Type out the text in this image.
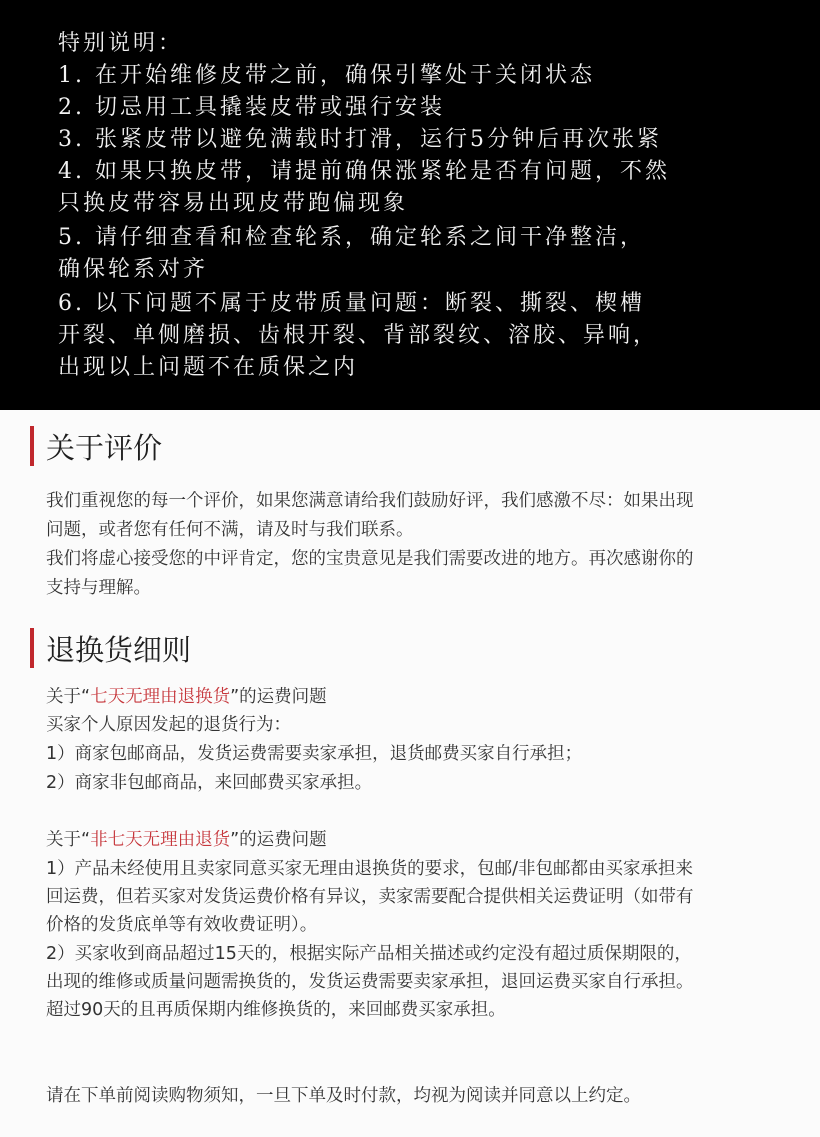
特别说明：
1. 在开始维修皮带之前，确保引擎处于关闭状态
2. 切忌用工具撬装皮带或强行安装
3. 张紧皮带以避免满载时打滑，运行5分钟后再次张紧
4. 如果只换皮带，请提前确保涨紧轮是否有问题，不然
只换皮带容易出现皮带跑偏现象
5. 请仔细查看和检查轮系，确定轮系之间干净整洁，
确保轮系对齐
6. 以下问题不属于皮带质量问题：断裂、撕裂、楔槽
开裂、单侧磨损、齿根开裂、背部裂纹、溶胶、异响，
出现以上问题不在质保之内
关于评价
我们重视您的每一个评价，如果您满意请给我们鼓励好评，我们感激不尽：如果出现
问题，或者您有任何不满，请及时与我们联系。
我们将虚心接受您的中评肯定，您的宝贵意见是我们需要改进的地方。再次感谢你的
支持与理解。
退换货细则
关于“七天无理由退换货”的运费问题
买家个人原因发起的退货行为：
1）商家包邮商品，发货运费需要卖家承担，退货邮费买家自行承担；
2）商家非包邮商品，来回邮费买家承担。
关于“非七天无理由退货”的运费问题
1）产品未经使用且卖家同意买家无理由退换货的要求，包邮/非包邮都由买家承担来
回运费，但若买家对发货运费价格有异议，卖家需要配合提供相关运费证明（如带有
价格的发货底单等有效收费证明）。
2）买家收到商品超过15天的，根据实际产品相关描述或约定没有超过质保期限的，
出现的维修或质量问题需换货的，发货运费需要卖家承担，退回运费买家自行承担。
超过90天的且再质保期内维修换货的，来回邮费买家承担。
请在下单前阅读购物须知，一旦下单及时付款，均视为阅读并同意以上约定。
